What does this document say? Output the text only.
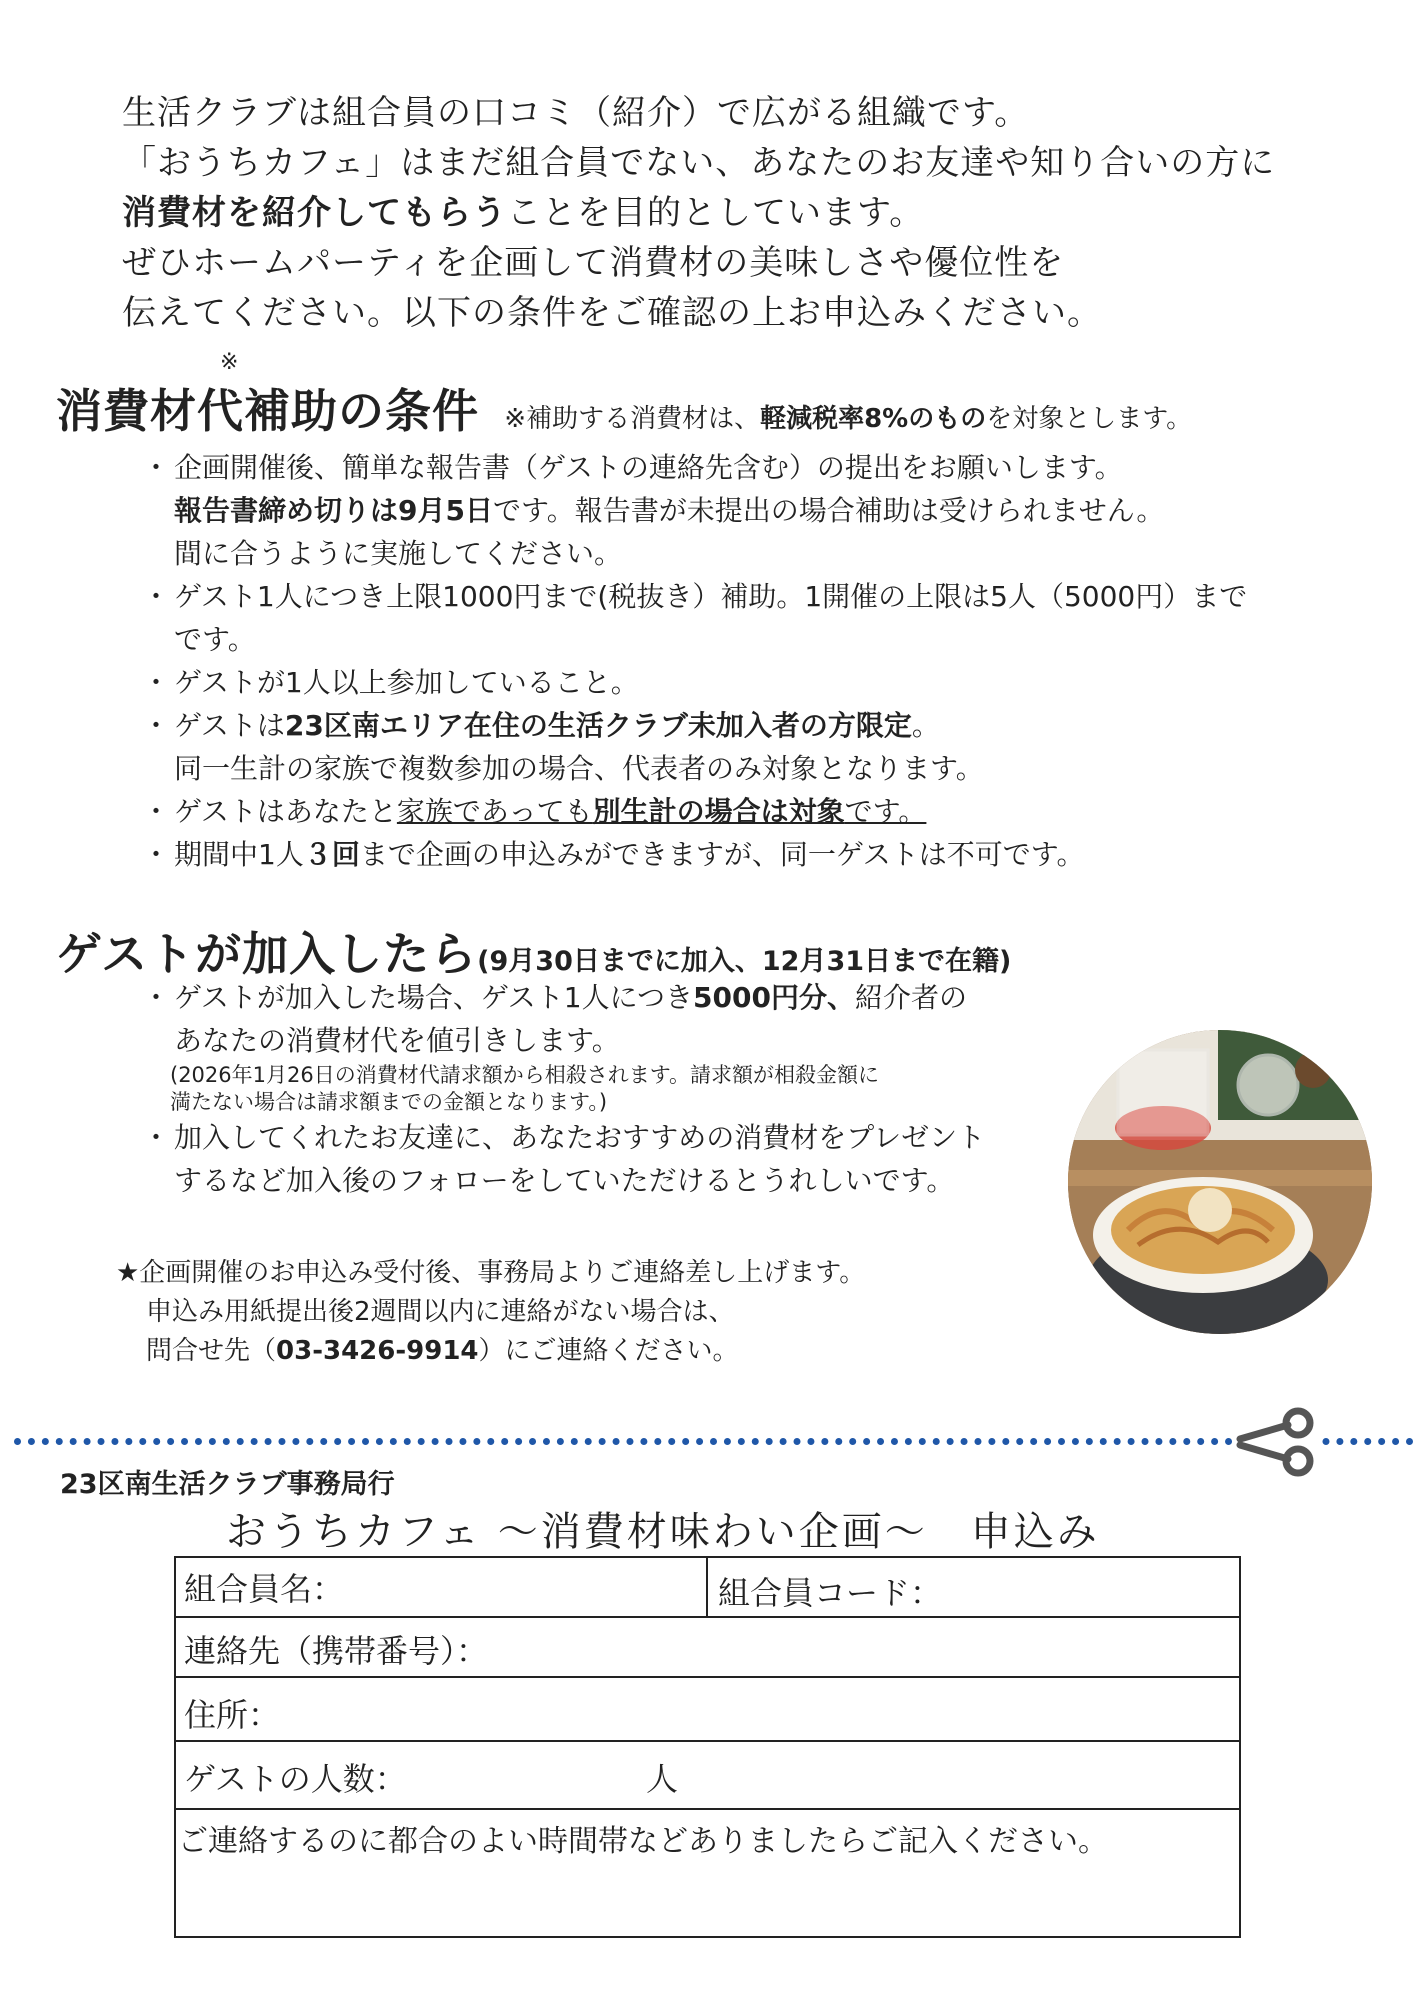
生活クラブは組合員の口コミ（紹介）で広がる組織です。

「おうちカフェ」はまだ組合員でない、あなたのお友達や知り合いの方に

消費材を紹介してもらうことを目的としています。

ぜひホームパーティを企画して消費材の美味しさや優位性を

伝えてください。以下の条件をご確認の上お申込みください。

※
消費材代補助の条件 ※補助する消費材は、軽減税率8%のものを対象とします。
・ 企画開催後、簡単な報告書（ゲストの連絡先含む）の提出をお願いします。
報告書締め切りは9月5日です。報告書が未提出の場合補助は受けられません。
間に合うように実施してください。
・ ゲスト1人につき上限1000円まで(税抜き）補助。1開催の上限は5人（5000円）まで
です。
・ ゲストが1人以上参加していること。
・ ゲストは23区南エリア在住の生活クラブ未加入者の方限定。
同一生計の家族で複数参加の場合、代表者のみ対象となります。
・ ゲストはあなたと家族であっても別生計の場合は対象です。
・ 期間中1人３回まで企画の申込みができますが、同一ゲストは不可です。
ゲストが加入したら(9月30日までに加入、12月31日まで在籍)
・ ゲストが加入した場合、ゲスト1人につき5000円分、紹介者の
あなたの消費材代を値引きします。
(2026年1月26日の消費材代請求額から相殺されます。請求額が相殺金額に
満たない場合は請求額までの金額となります。)
・ 加入してくれたお友達に、あなたおすすめの消費材をプレゼント
するなど加入後のフォローをしていただけるとうれしいです。
★企画開催のお申込み受付後、事務局よりご連絡差し上げます。
申込み用紙提出後2週間以内に連絡がない場合は、
問合せ先（03-3426-9914）にご連絡ください。
23区南生活クラブ事務局行
おうちカフェ 〜消費材味わい企画〜　申込み
組合員名：	組合員コード：
連絡先（携帯番号）：
住所：
ゲストの人数：	人
ご連絡するのに都合のよい時間帯などありましたらご記入ください。
